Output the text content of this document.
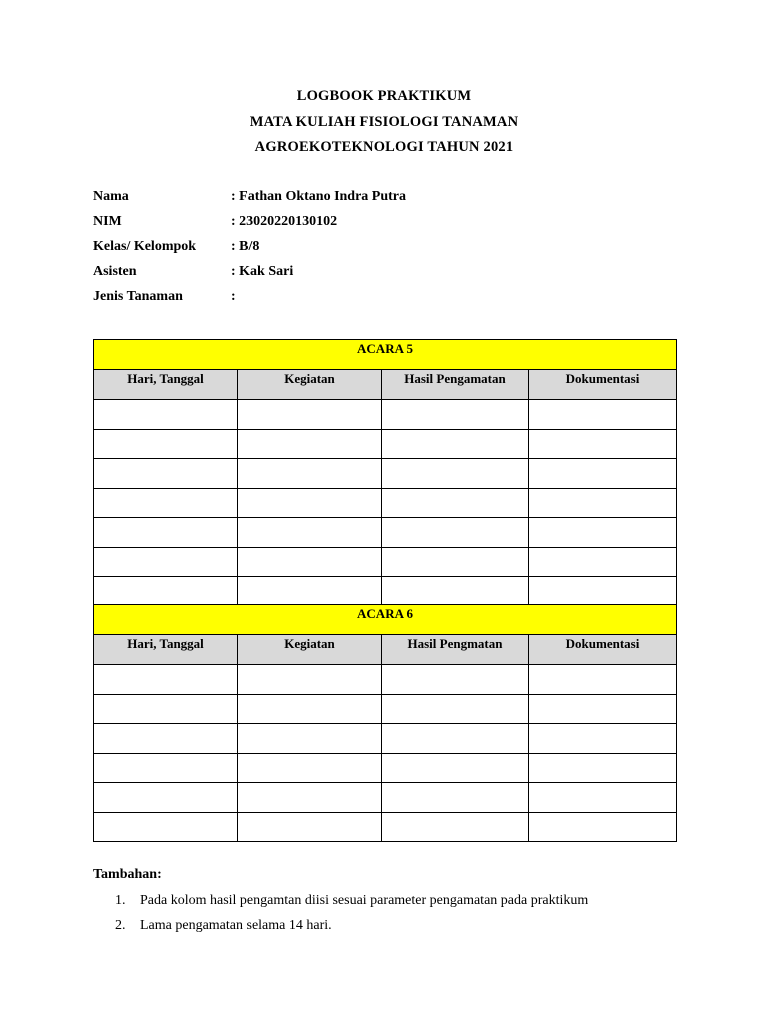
LOGBOOK PRAKTIKUM
MATA KULIAH FISIOLOGI TANAMAN
AGROEKOTEKNOLOGI TAHUN 2021
Nama	: Fathan Oktano Indra Putra
NIM	: 23020220130102
Kelas/ Kelompok	: B/8
Asisten	: Kak Sari
Jenis Tanaman	:
ACARA 5			
Hari, Tanggal	Kegiatan	Hasil Pengamatan	Dokumentasi

ACARA 6			
Hari, Tanggal	Kegiatan	Hasil Pengmatan	Dokumentasi

Tambahan:
1.	Pada kolom hasil pengamtan diisi sesuai parameter pengamatan pada praktikum
2.	Lama pengamatan selama 14 hari.
